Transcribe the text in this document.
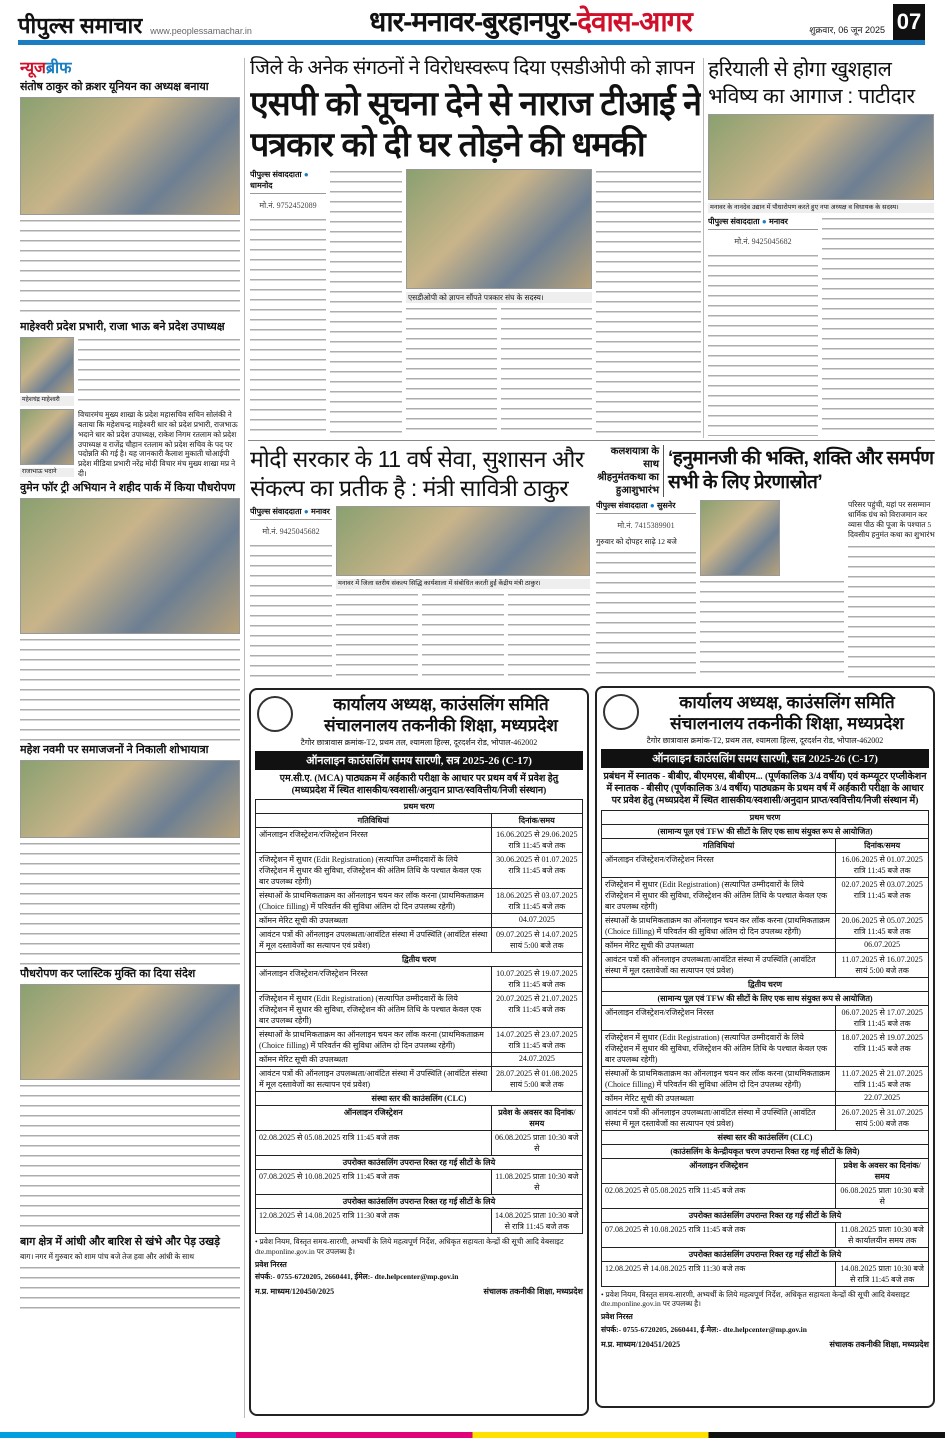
पीपुल्स समाचार www.peoplessamachar.in	धार-मनावर-बुरहानपुर-देवास-आगर	शुक्रवार, 06 जून 2025 07
न्यूजब्रीफ
संतोष ठाकुर को क्रशर यूनियन का अध्यक्ष बनाया
माहेश्वरी प्रदेश प्रभारी, राजा भाऊ बने प्रदेश उपाध्यक्ष
महेशचंद्र माहेश्वरी
राजाभाऊ भदाने
विचारमंच मुख्य शाखा के प्रदेश महासचिव सचिन सोलंकी ने बताया कि महेशचन्द्र माहेश्वरी धार को प्रदेश प्रभारी, राजभाऊ भदाने धार को प्रदेश उपाध्यक्ष, राकेश निगम रतलाम को प्रदेश उपाध्यक्ष व राजेंद्र चौहान रतलाम को प्रदेश सचिव के पद पर पदोन्नति की गई है। यह जानकारी कैलाश मुकाती चोआईपी प्रदेश मीडिया प्रभारी नरेंद्र मोदी विचार मंच मुख्य शाखा मप्र ने दी।
वुमेन फॉर ट्री अभियान ने शहीद पार्क में किया पौधरोपण
महेश नवमी पर समाजजनों ने निकाली शोभायात्रा
पौधरोपण कर प्लास्टिक मुक्ति का दिया संदेश
बाग क्षेत्र में आंधी और बारिश से खंभे और पेड़ उखड़े
बाग। नगर में गुरुवार को शाम पांच बजे तेज हवा और आंधी के साथ
जिले के अनेक संगठनों ने विरोधस्वरूप दिया एसडीओपी को ज्ञापन
एसपी को सूचना देने से नाराज टीआई ने पत्रकार को दी घर तोड़ने की धमकी
पीपुल्स संवाददाता ● धामनोद
मो.नं. 9752452089
एसडीओपी को ज्ञापन सौंपते पत्रकार संघ के सदस्य।
हरियाली से होगा खुशहाल भविष्य का आगाज : पाटीदार
मनावर के नानदेव उद्यान में पौधारोपण करते हुए नपा अध्यक्ष व विधायक के सदस्य।
पीपुल्स संवाददाता ● मनावर
मो.नं. 9425045682
मोदी सरकार के 11 वर्ष सेवा, सुशासन और संकल्प का प्रतीक है : मंत्री सावित्री ठाकुर
पीपुल्स संवाददाता ● मनावर
मो.नं. 9425045682
मनावर में जिला स्तरीय संकल्प सिद्धि कार्यशाला में संबोधित करती हुईं केंद्रीय मंत्री ठाकुर।
कलशयात्रा के साथ श्रीहनुमंतकथा का हुआशुभारंभ
‘हनुमानजी की भक्ति, शक्ति और समर्पण सभी के लिए प्रेरणास्रोत’
पीपुल्स संवाददाता ● सुसनेर
मो.नं. 7415389901
गुरुवार को दोपहर साढ़े 12 बजे
परिसर पहुंची, यहां पर ससम्मान धार्मिक ग्रंथ को विराजमान कर व्यास पीठ की पूजा के पश्चात 5 दिवसीय हनुमंत कथा का शुभारंभ
कार्यालय अध्यक्ष, काउंसलिंग समिति
संचालनालय तकनीकी शिक्षा, मध्यप्रदेश
टैगोर छात्रावास क्रमांक-T2, प्रथम तल, श्यामला हिल्स, दूरदर्शन रोड, भोपाल-462002
ऑनलाइन काउंसलिंग समय सारणी, सत्र 2025-26 (C-17)
एम.सी.ए. (MCA) पाठ्यक्रम में अर्हकारी परीक्षा के आधार पर प्रथम वर्ष में प्रवेश हेतु
(मध्यप्रदेश में स्थित शासकीय/स्वशासी/अनुदान प्राप्त/स्ववित्तीय/निजी संस्थान)
प्रथम चरण	
गतिविधियां	दिनांक/समय
ऑनलाइन रजिस्ट्रेशन/रजिस्ट्रेशन निरस्त	16.06.2025 से 29.06.2025 रात्रि 11:45 बजे तक
रजिस्ट्रेशन में सुधार (Edit Registration) (सत्यापित उम्मीदवारों के लिये रजिस्ट्रेशन में सुधार की सुविधा, रजिस्ट्रेशन की अंतिम तिथि के पश्चात केवल एक बार उपलब्ध रहेगी)	30.06.2025 से 01.07.2025 रात्रि 11:45 बजे तक
संस्थाओं के प्राथमिकताक्रम का ऑनलाइन चयन कर लॉक करना (प्राथमिकताक्रम (Choice filling) में परिवर्तन की सुविधा अंतिम दो दिन उपलब्ध रहेगी)	18.06.2025 से 03.07.2025 रात्रि 11:45 बजे तक
कॉमन मेरिट सूची की उपलब्धता	04.07.2025
आवंटन पत्रों की ऑनलाइन उपलब्धता/आवंटित संस्था में उपस्थिति (आवंटित संस्था में मूल दस्तावेजों का सत्यापन एवं प्रवेश)	09.07.2025 से 14.07.2025 सायं 5:00 बजे तक
द्वितीय चरण	
ऑनलाइन रजिस्ट्रेशन/रजिस्ट्रेशन निरस्त	10.07.2025 से 19.07.2025 रात्रि 11:45 बजे तक
रजिस्ट्रेशन में सुधार (Edit Registration) (सत्यापित उम्मीदवारों के लिये रजिस्ट्रेशन में सुधार की सुविधा, रजिस्ट्रेशन की अंतिम तिथि के पश्चात केवल एक बार उपलब्ध रहेगी)	20.07.2025 से 21.07.2025 रात्रि 11:45 बजे तक
संस्थाओं के प्राथमिकताक्रम का ऑनलाइन चयन कर लॉक करना (प्राथमिकताक्रम (Choice filling) में परिवर्तन की सुविधा अंतिम दो दिन उपलब्ध रहेगी)	14.07.2025 से 23.07.2025 रात्रि 11:45 बजे तक
कॉमन मेरिट सूची की उपलब्धता	24.07.2025
आवंटन पत्रों की ऑनलाइन उपलब्धता/आवंटित संस्था में उपस्थिति (आवंटित संस्था में मूल दस्तावेजों का सत्यापन एवं प्रवेश)	28.07.2025 से 01.08.2025 सायं 5:00 बजे तक
संस्था स्तर की काउंसलिंग (CLC)	
ऑनलाइन रजिस्ट्रेशन	प्रवेश के अवसर का दिनांक/समय
02.08.2025 से 05.08.2025 रात्रि 11:45 बजे तक	06.08.2025 प्रातः 10:30 बजे से
उपरोक्त काउंसलिंग उपरान्त रिक्त रह गई सीटों के लिये	
07.08.2025 से 10.08.2025 रात्रि 11:45 बजे तक	11.08.2025 प्रातः 10:30 बजे से
उपरोक्त काउंसलिंग उपरान्त रिक्त रह गई सीटों के लिये	
12.08.2025 से 14.08.2025 रात्रि 11:30 बजे तक	14.08.2025 प्रातः 10:30 बजे से रात्रि 11:45 बजे तक
• प्रवेश नियम, विस्तृत समय-सारणी, अभ्यर्थी के लिये महत्वपूर्ण निर्देश, अधिकृत सहायता केन्द्रों की सूची आदि वेबसाइट dte.mponline.gov.in पर उपलब्ध है।
प्रवेश निरस्त
संपर्क:- 0755-6720205, 2660441, ईमेल:- dte.helpcenter@mp.gov.in
म.प्र. माध्यम/120450/2025	संचालक तकनीकी शिक्षा, मध्यप्रदेश
कार्यालय अध्यक्ष, काउंसलिंग समिति
संचालनालय तकनीकी शिक्षा, मध्यप्रदेश
टैगोर छात्रावास क्रमांक-T2, प्रथम तल, श्यामला हिल्स, दूरदर्शन रोड, भोपाल-462002
ऑनलाइन काउंसलिंग समय सारणी, सत्र 2025-26 (C-17)
प्रबंधन में स्नातक - बीबीए, बीएमएस, बीबीएम... (पूर्णकालिक 3/4 वर्षीय) एवं कम्प्यूटर एप्लीकेशन में स्नातक - बीसीए (पूर्णकालिक 3/4 वर्षीय) पाठ्यक्रम के प्रथम वर्ष में अर्हकारी परीक्षा के आधार पर प्रवेश हेतु (मध्यप्रदेश में स्थित शासकीय/स्वशासी/अनुदान प्राप्त/स्ववित्तीय/निजी संस्थान में)
प्रथम चरण	
(सामान्य पूल एवं TFW की सीटों के लिए एक साथ संयुक्त रूप से आयोजित)	
गतिविधियां	दिनांक/समय
ऑनलाइन रजिस्ट्रेशन/रजिस्ट्रेशन निरस्त	16.06.2025 से 01.07.2025 रात्रि 11:45 बजे तक
रजिस्ट्रेशन में सुधार (Edit Registration) (सत्यापित उम्मीदवारों के लिये रजिस्ट्रेशन में सुधार की सुविधा, रजिस्ट्रेशन की अंतिम तिथि के पश्चात केवल एक बार उपलब्ध रहेगी)	02.07.2025 से 03.07.2025 रात्रि 11:45 बजे तक
संस्थाओं के प्राथमिकताक्रम का ऑनलाइन चयन कर लॉक करना (प्राथमिकताक्रम (Choice filling) में परिवर्तन की सुविधा अंतिम दो दिन उपलब्ध रहेगी)	20.06.2025 से 05.07.2025 रात्रि 11:45 बजे तक
कॉमन मेरिट सूची की उपलब्धता	06.07.2025
आवंटन पत्रों की ऑनलाइन उपलब्धता/आवंटित संस्था में उपस्थिति (आवंटित संस्था में मूल दस्तावेजों का सत्यापन एवं प्रवेश)	11.07.2025 से 16.07.2025 सायं 5:00 बजे तक
द्वितीय चरण	
(सामान्य पूल एवं TFW की सीटों के लिए एक साथ संयुक्त रूप से आयोजित)	
ऑनलाइन रजिस्ट्रेशन/रजिस्ट्रेशन निरस्त	06.07.2025 से 17.07.2025 रात्रि 11:45 बजे तक
रजिस्ट्रेशन में सुधार (Edit Registration) (सत्यापित उम्मीदवारों के लिये रजिस्ट्रेशन में सुधार की सुविधा, रजिस्ट्रेशन की अंतिम तिथि के पश्चात केवल एक बार उपलब्ध रहेगी)	18.07.2025 से 19.07.2025 रात्रि 11:45 बजे तक
संस्थाओं के प्राथमिकताक्रम का ऑनलाइन चयन कर लॉक करना (प्राथमिकताक्रम (Choice filling) में परिवर्तन की सुविधा अंतिम दो दिन उपलब्ध रहेगी)	11.07.2025 से 21.07.2025 रात्रि 11:45 बजे तक
कॉमन मेरिट सूची की उपलब्धता	22.07.2025
आवंटन पत्रों की ऑनलाइन उपलब्धता/आवंटित संस्था में उपस्थिति (आवंटित संस्था में मूल दस्तावेजों का सत्यापन एवं प्रवेश)	26.07.2025 से 31.07.2025 सायं 5:00 बजे तक
संस्था स्तर की काउंसलिंग (CLC)	
(काउंसलिंग के केन्द्रीयकृत चरण उपरान्त रिक्त रह गई सीटों के लिये)	
ऑनलाइन रजिस्ट्रेशन	प्रवेश के अवसर का दिनांक/समय
02.08.2025 से 05.08.2025 रात्रि 11:45 बजे तक	06.08.2025 प्रातः 10:30 बजे से
उपरोक्त काउंसलिंग उपरान्त रिक्त रह गई सीटों के लिये	
07.08.2025 से 10.08.2025 रात्रि 11:45 बजे तक	11.08.2025 प्रातः 10:30 बजे से कार्यालयीन समय तक
उपरोक्त काउंसलिंग उपरान्त रिक्त रह गई सीटों के लिये	
12.08.2025 से 14.08.2025 रात्रि 11:30 बजे तक	14.08.2025 प्रातः 10:30 बजे से रात्रि 11:45 बजे तक
• प्रवेश नियम, विस्तृत समय-सारणी, अभ्यर्थी के लिये महत्वपूर्ण निर्देश, अधिकृत सहायता केन्द्रों की सूची आदि वेबसाइट dte.mponline.gov.in पर उपलब्ध है।
प्रवेश निरस्त
संपर्क:- 0755-6720205, 2660441, ई-मेल:- dte.helpcenter@mp.gov.in
म.प्र. माध्यम/120451/2025	संचालक तकनीकी शिक्षा, मध्यप्रदेश
